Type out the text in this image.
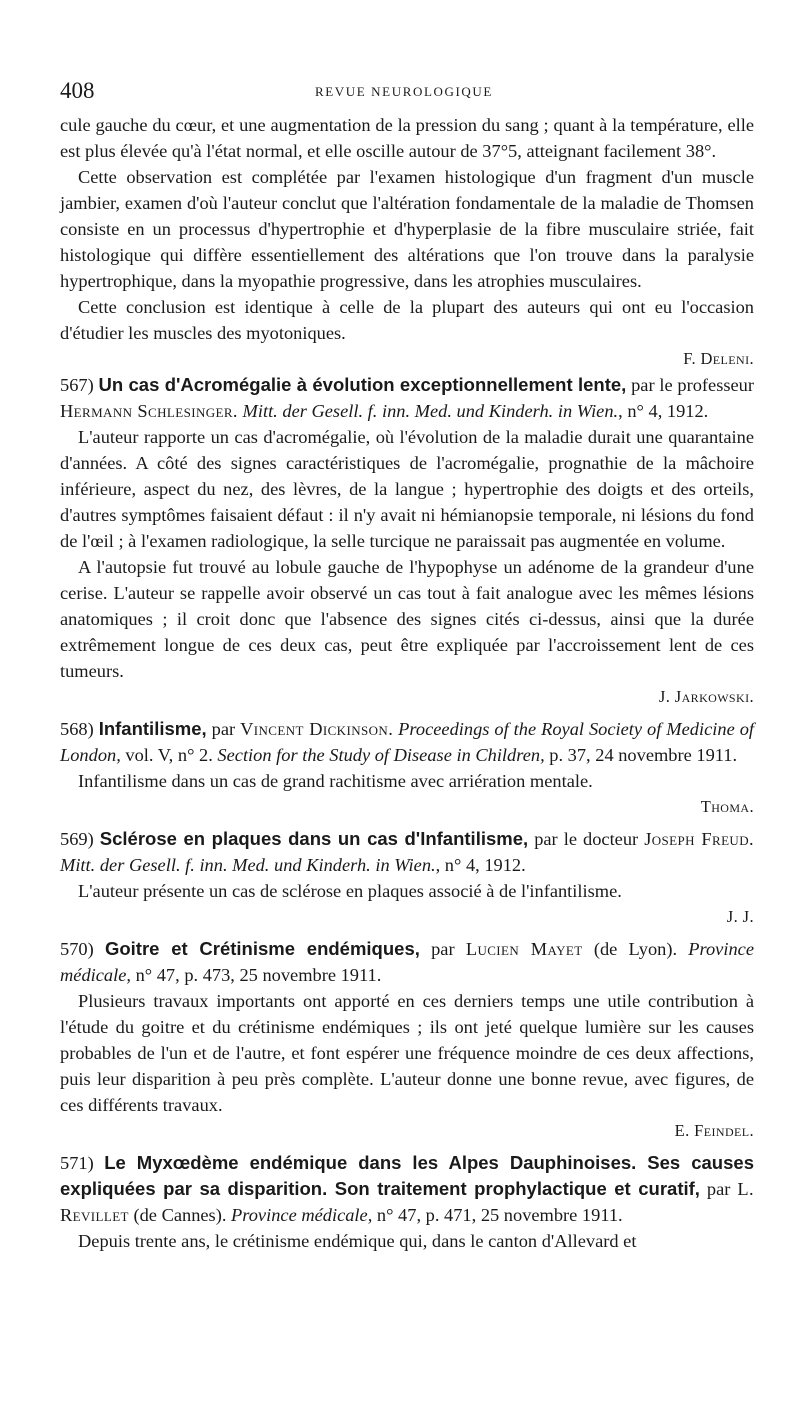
408	REVUE NEUROLOGIQUE

cule gauche du cœur, et une augmentation de la pression du sang ; quant à la température, elle est plus élevée qu'à l'état normal, et elle oscille autour de 37°5, atteignant facilement 38°.

Cette observation est complétée par l'examen histologique d'un fragment d'un muscle jambier, examen d'où l'auteur conclut que l'altération fondamentale de la maladie de Thomsen consiste en un processus d'hypertrophie et d'hyperplasie de la fibre musculaire striée, fait histologique qui diffère essentiellement des altérations que l'on trouve dans la paralysie hypertrophique, dans la myopathie progressive, dans les atrophies musculaires.

Cette conclusion est identique à celle de la plupart des auteurs qui ont eu l'occasion d'étudier les muscles des myotoniques.

F. Deleni.

567) Un cas d'Acromégalie à évolution exceptionnellement lente, par le professeur Hermann Schlesinger. Mitt. der Gesell. f. inn. Med. und Kinderh. in Wien., n° 4, 1912.

L'auteur rapporte un cas d'acromégalie, où l'évolution de la maladie durait une quarantaine d'années. A côté des signes caractéristiques de l'acromégalie, prognathie de la mâchoire inférieure, aspect du nez, des lèvres, de la langue ; hypertrophie des doigts et des orteils, d'autres symptômes faisaient défaut : il n'y avait ni hémianopsie temporale, ni lésions du fond de l'œil ; à l'examen radiologique, la selle turcique ne paraissait pas augmentée en volume.

A l'autopsie fut trouvé au lobule gauche de l'hypophyse un adénome de la grandeur d'une cerise. L'auteur se rappelle avoir observé un cas tout à fait analogue avec les mêmes lésions anatomiques ; il croit donc que l'absence des signes cités ci-dessus, ainsi que la durée extrêmement longue de ces deux cas, peut être expliquée par l'accroissement lent de ces tumeurs.

J. Jarkowski.

568) Infantilisme, par Vincent Dickinson. Proceedings of the Royal Society of Medicine of London, vol. V, n° 2. Section for the Study of Disease in Children, p. 37, 24 novembre 1911.

Infantilisme dans un cas de grand rachitisme avec arriération mentale.

Thoma.

569) Sclérose en plaques dans un cas d'Infantilisme, par le docteur Joseph Freud. Mitt. der Gesell. f. inn. Med. und Kinderh. in Wien., n° 4, 1912.

L'auteur présente un cas de sclérose en plaques associé à de l'infantilisme.

J. J.

570) Goitre et Crétinisme endémiques, par Lucien Mayet (de Lyon). Province médicale, n° 47, p. 473, 25 novembre 1911.

Plusieurs travaux importants ont apporté en ces derniers temps une utile contribution à l'étude du goitre et du crétinisme endémiques ; ils ont jeté quelque lumière sur les causes probables de l'un et de l'autre, et font espérer une fréquence moindre de ces deux affections, puis leur disparition à peu près complète. L'auteur donne une bonne revue, avec figures, de ces différents travaux.

E. Feindel.

571) Le Myxœdème endémique dans les Alpes Dauphinoises. Ses causes expliquées par sa disparition. Son traitement prophylactique et curatif, par L. Revillet (de Cannes). Province médicale, n° 47, p. 471, 25 novembre 1911.

Depuis trente ans, le crétinisme endémique qui, dans le canton d'Allevard et
